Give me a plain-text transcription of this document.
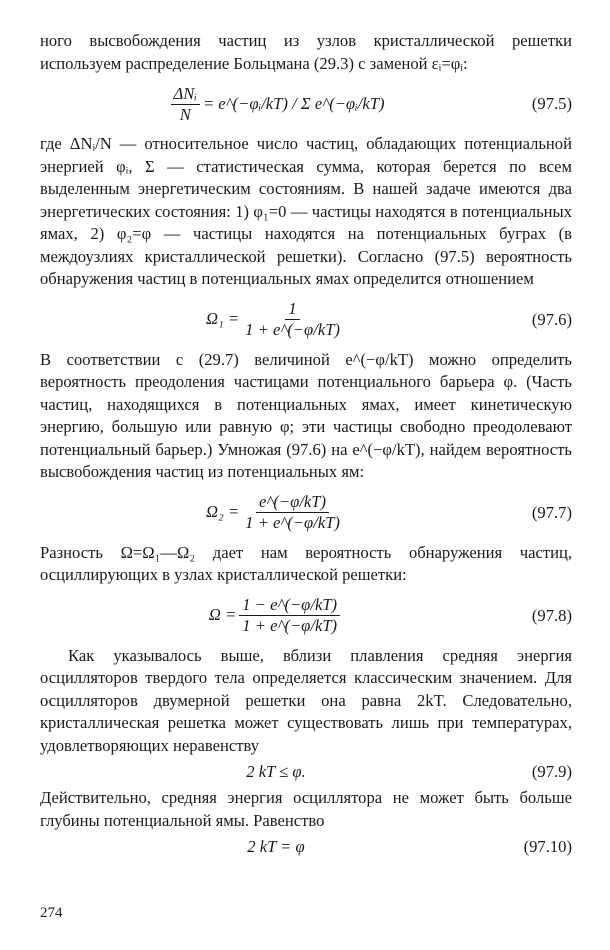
ного высвобождения частиц из узлов кристаллической решетки используем распределение Больцмана (29.3) с заменой εᵢ=φᵢ:

$\frac{\text{ΔNᵢ}}{N}$ = e^(−φᵢ/kT) / Σ e^(−φᵢ/kT)	(97.5)

где ΔNᵢ/N — относительное число частиц, обладающих потенциальной энергией φᵢ, Σ — статистическая сумма, которая берется по всем выделенным энергетическим состояниям. В нашей задаче имеются два энергетических состояния: 1) φ₁=0 — частицы находятся в потенциальных ямах, 2) φ₂=φ — частицы находятся на потенциальных буграх (в междоузлиях кристаллической решетки). Согласно (97.5) вероятность обнаружения частиц в потенциальных ямах определится отношением

$\Omega_1 = \frac{1}{1 + e\^{}(-\varphi/kT)}$	(97.6)

В соответствии с (29.7) величиной e^(−φ/kT) можно определить вероятность преодоления частицами потенциального барьера φ. (Часть частиц, находящихся в потенциальных ямах, имеет кинетическую энергию, большую или равную φ; эти частицы свободно преодолевают потенциальный барьер.) Умножая (97.6) на e^(−φ/kT), найдем вероятность высвобождения частиц из потенциальных ям:

$\Omega_2 = \frac{e\^{}(-\varphi/kT)}{1 + e\^{}(-\varphi/kT)}$	(97.7)

Разность Ω=Ω₁—Ω₂ дает нам вероятность обнаружения частиц, осциллирующих в узлах кристаллической решетки:

$\Omega = \frac{1 - e\^{}(-\varphi/kT)}{1 + e\^{}(-\varphi/kT)}$	(97.8)

Как указывалось выше, вблизи плавления средняя энергия осцилляторов твердого тела определяется классическим значением. Для осцилляторов двумерной решетки она равна 2kT. Следовательно, кристаллическая решетка может существовать лишь при температурах, удовлетворяющих неравенству

2 kT ≤ φ.	(97.9)

Действительно, средняя энергия осциллятора не может быть больше глубины потенциальной ямы. Равенство

2 kT = φ	(97.10)
274
